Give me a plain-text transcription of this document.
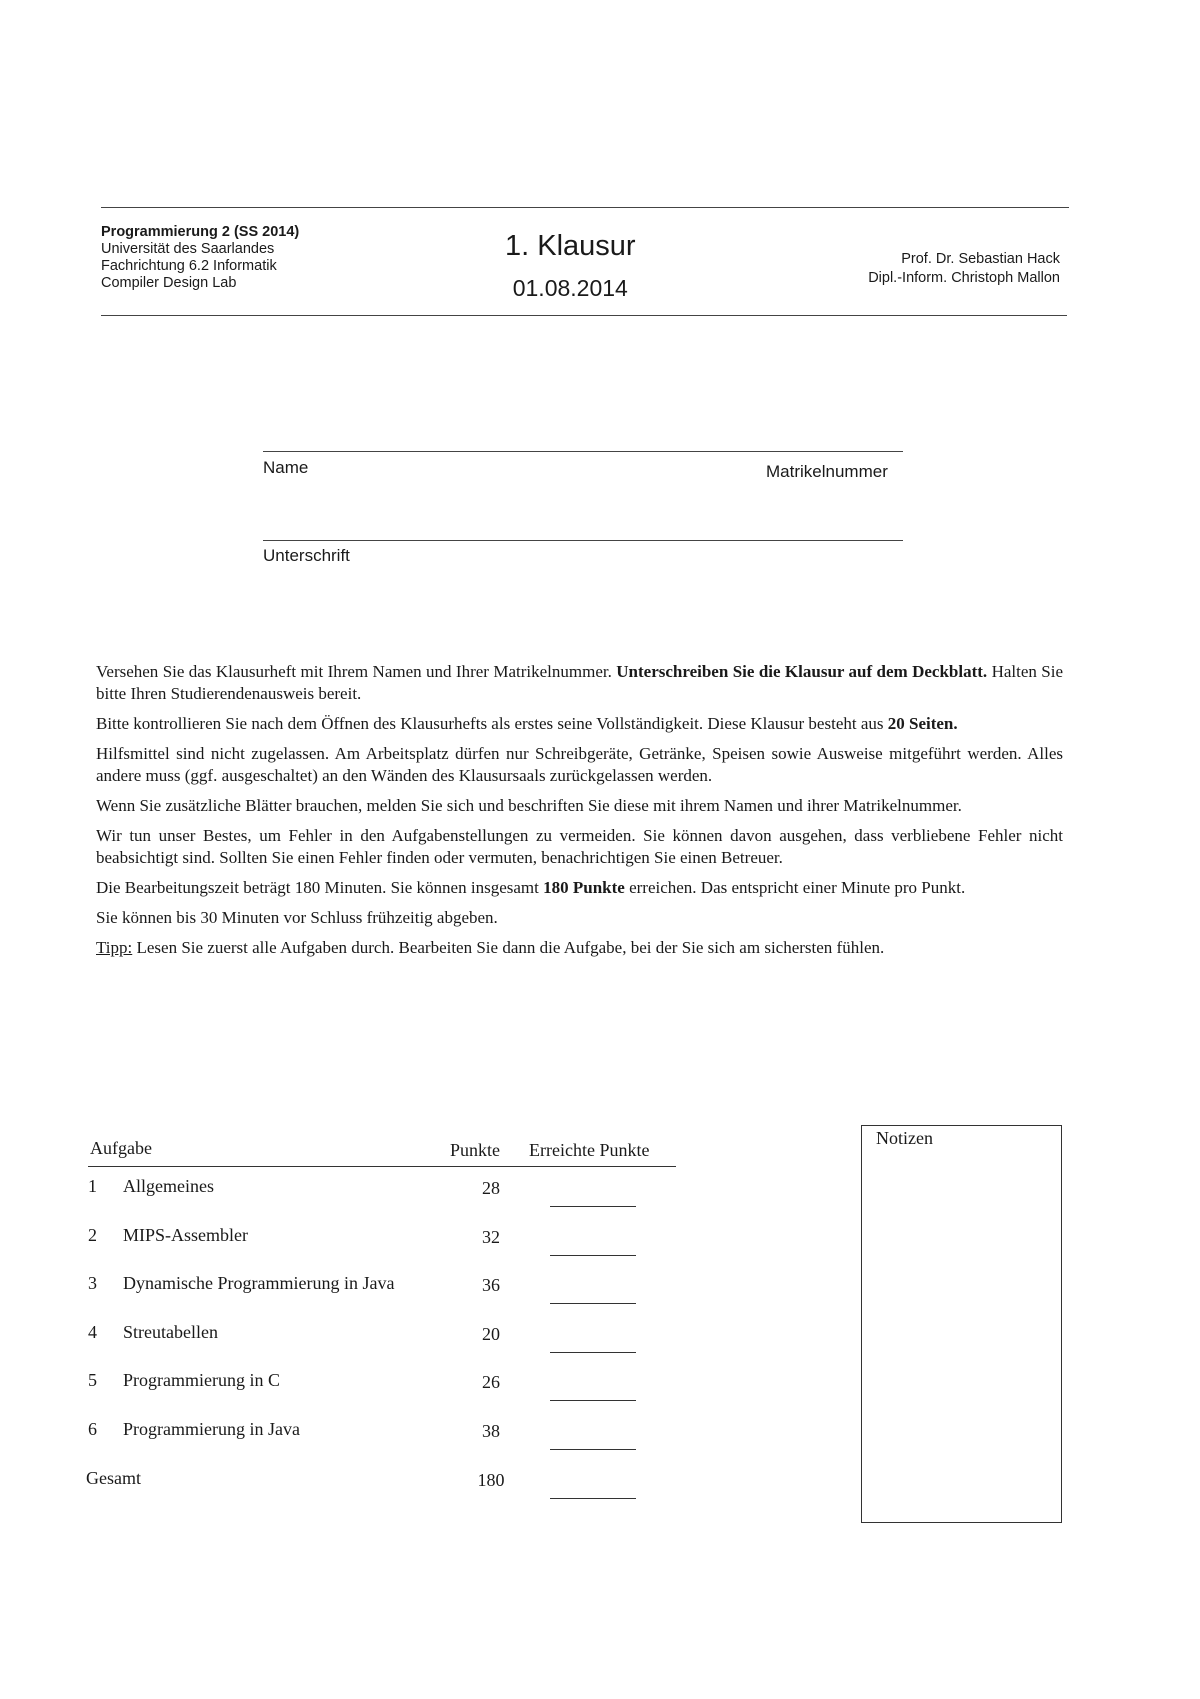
Programmierung 2 (SS 2014)
Universität des Saarlandes
Fachrichtung 6.2 Informatik
Compiler Design Lab
1. Klausur
01.08.2014
Prof. Dr. Sebastian Hack
Dipl.-Inform. Christoph Mallon
Name	Matrikelnummer
Unterschrift

Versehen Sie das Klausurheft mit Ihrem Namen und Ihrer Matrikelnummer. Unterschreiben Sie die Klausur auf dem Deckblatt. Halten Sie bitte Ihren Studierendenausweis bereit.

Bitte kontrollieren Sie nach dem Öffnen des Klausurhefts als erstes seine Vollständigkeit. Diese Klausur besteht aus 20 Seiten.

Hilfsmittel sind nicht zugelassen. Am Arbeitsplatz dürfen nur Schreibgeräte, Getränke, Speisen sowie Ausweise mitgeführt werden. Alles andere muss (ggf. ausgeschaltet) an den Wänden des Klausursaals zurückgelassen werden.

Wenn Sie zusätzliche Blätter brauchen, melden Sie sich und beschriften Sie diese mit ihrem Namen und ihrer Matrikelnummer.

Wir tun unser Bestes, um Fehler in den Aufgabenstellungen zu vermeiden. Sie können davon ausgehen, dass verbliebene Fehler nicht beabsichtigt sind. Sollten Sie einen Fehler finden oder vermuten, benachrichtigen Sie einen Betreuer.

Die Bearbeitungszeit beträgt 180 Minuten. Sie können insgesamt 180 Punkte erreichen. Das entspricht einer Minute pro Punkt.

Sie können bis 30 Minuten vor Schluss frühzeitig abgeben.

Tipp: Lesen Sie zuerst alle Aufgaben durch. Bearbeiten Sie dann die Aufgabe, bei der Sie sich am sichersten fühlen.

Aufgabe	Punkte Erreichte Punkte
1 Allgemeines	28
2 MIPS-Assembler	32
3 Dynamische Programmierung in Java	36
4 Streutabellen	20
5 Programmierung in C	26
6 Programmierung in Java	38
Gesamt	180
Notizen
